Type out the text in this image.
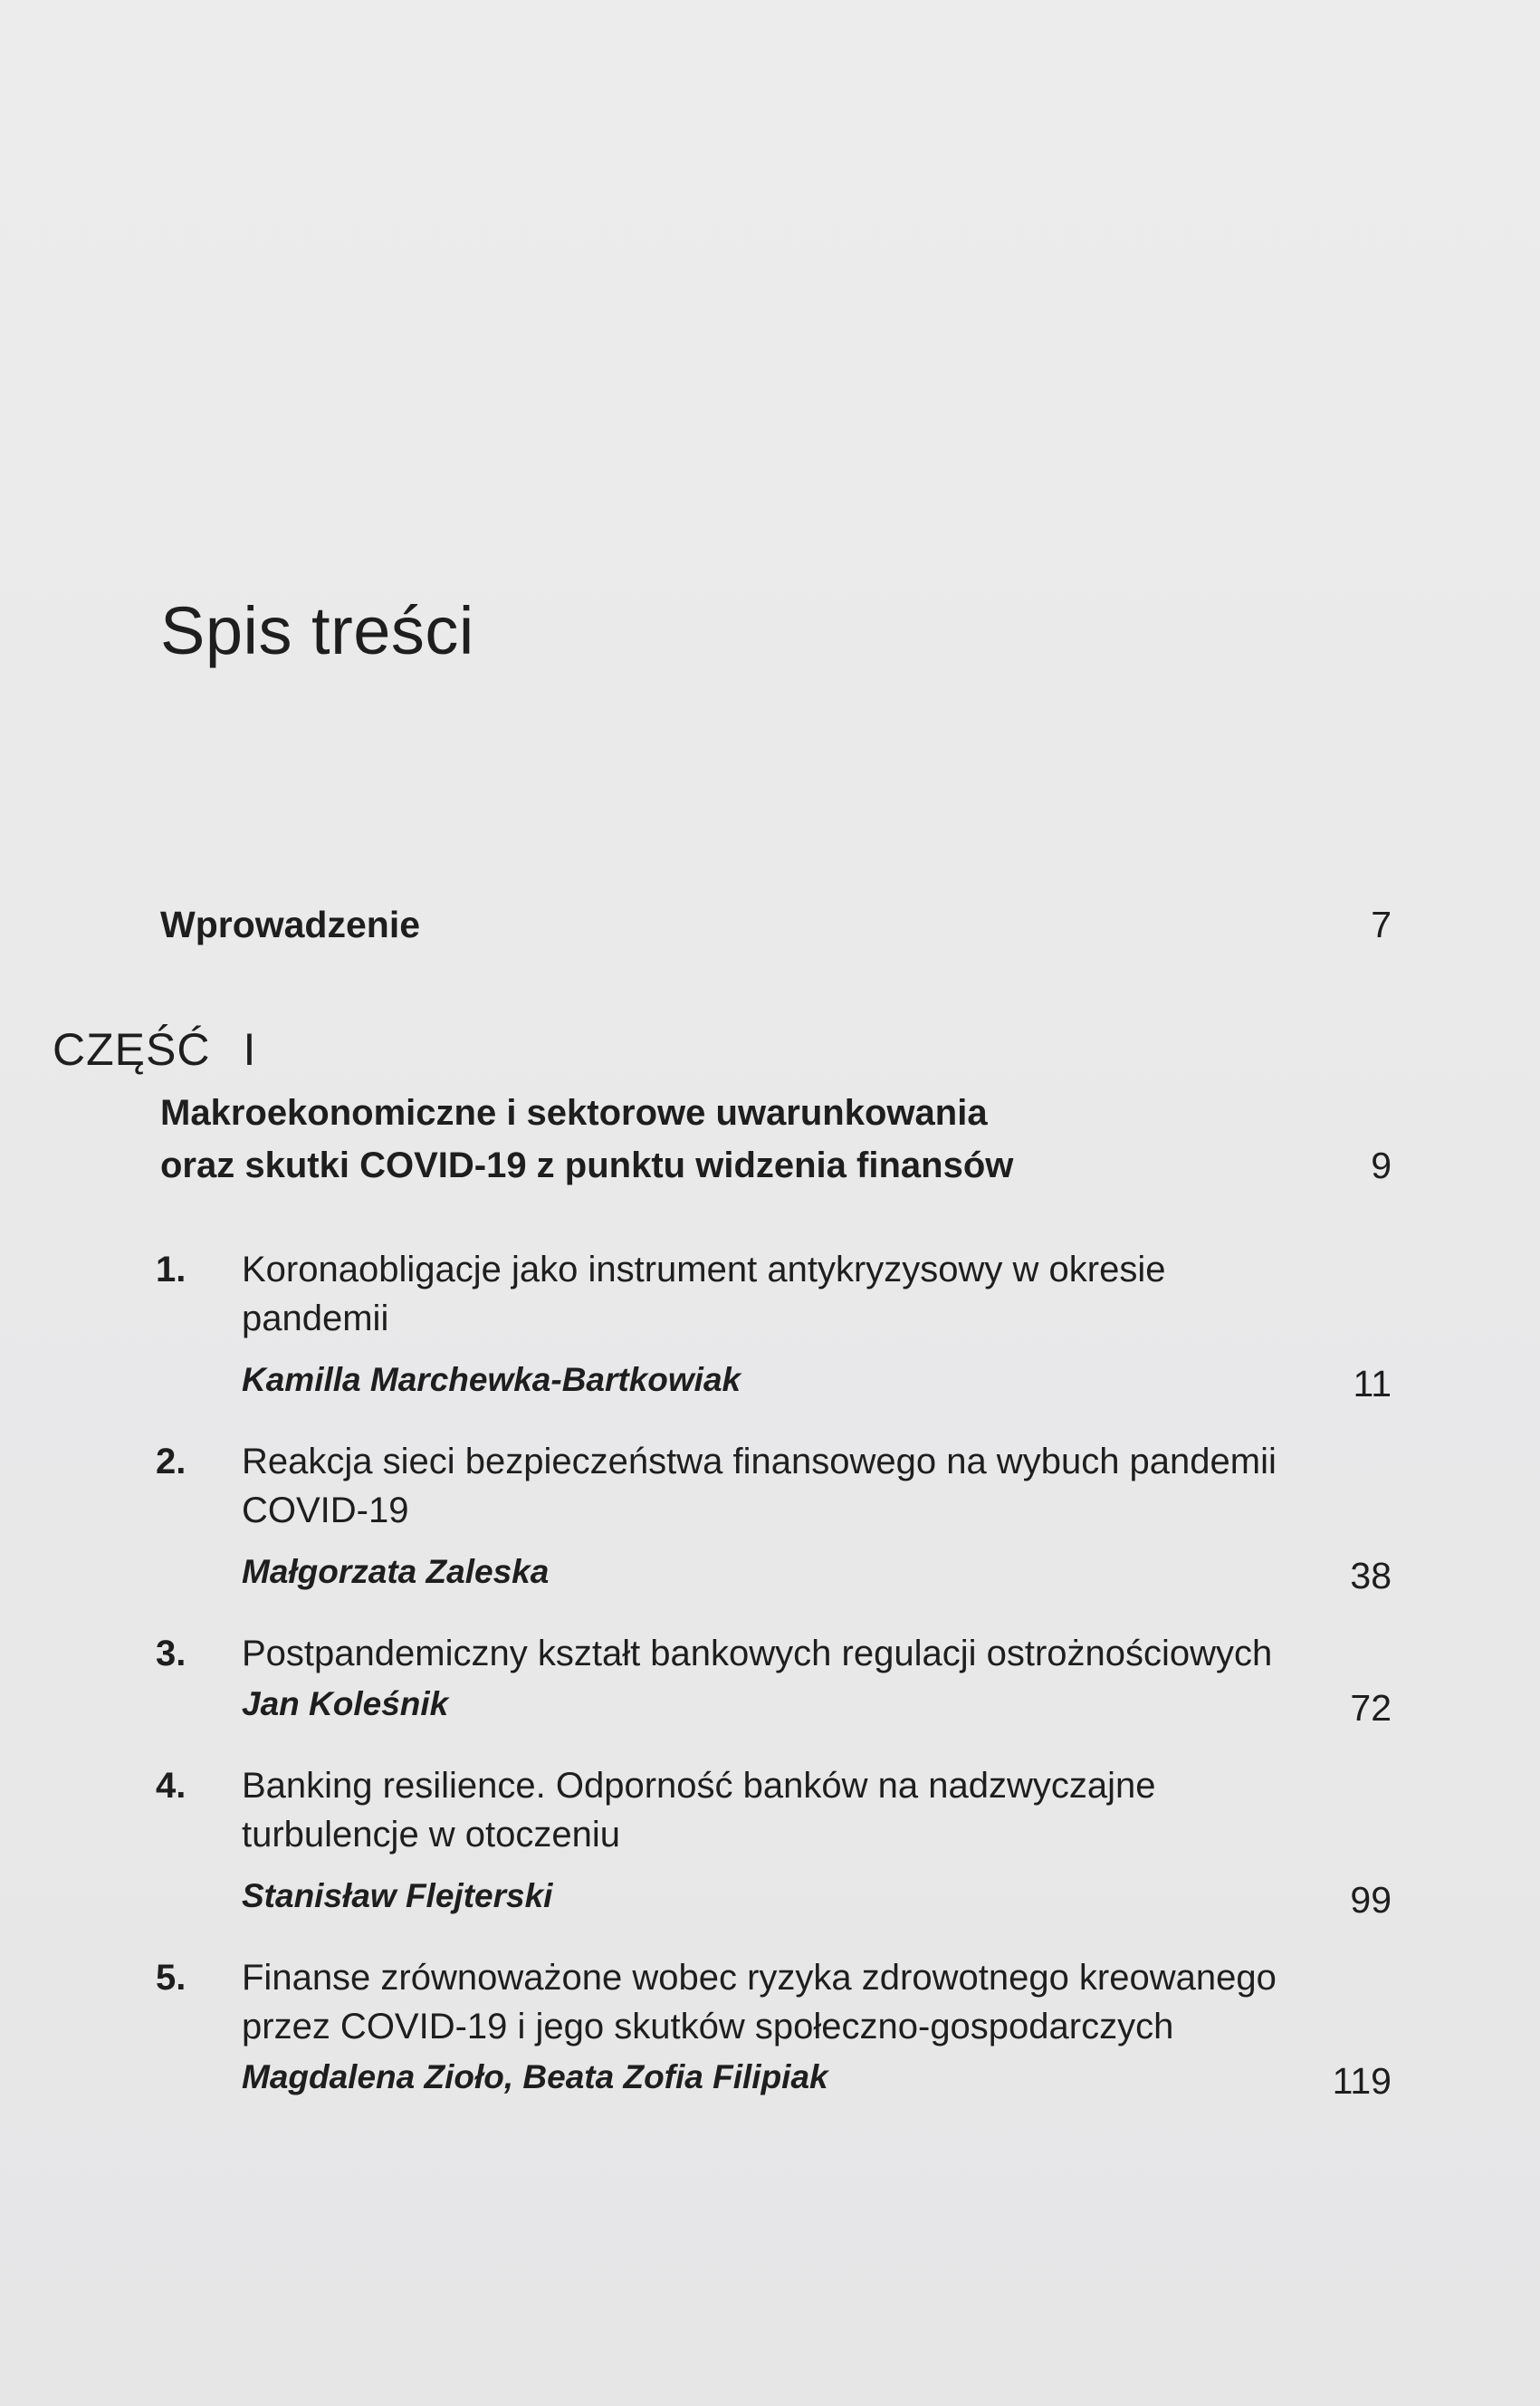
Spis treści
Wprowadzenie	7
CZĘŚĆ I
Makroekonomiczne i sektorowe uwarunkowania
oraz skutki COVID-19 z punktu widzenia finansów	9
1. Koronaobligacje jako instrument antykryzysowy w okresie
pandemii
Kamilla Marchewka-Bartkowiak	11
2. Reakcja sieci bezpieczeństwa finansowego na wybuch pandemii
COVID-19
Małgorzata Zaleska	38
3. Postpandemiczny kształt bankowych regulacji ostrożnościowych
Jan Koleśnik	72
4. Banking resilience. Odporność banków na nadzwyczajne
turbulencje w otoczeniu
Stanisław Flejterski	99
5. Finanse zrównoważone wobec ryzyka zdrowotnego kreowanego
przez COVID-19 i jego skutków społeczno-gospodarczych
Magdalena Zioło, Beata Zofia Filipiak	119
